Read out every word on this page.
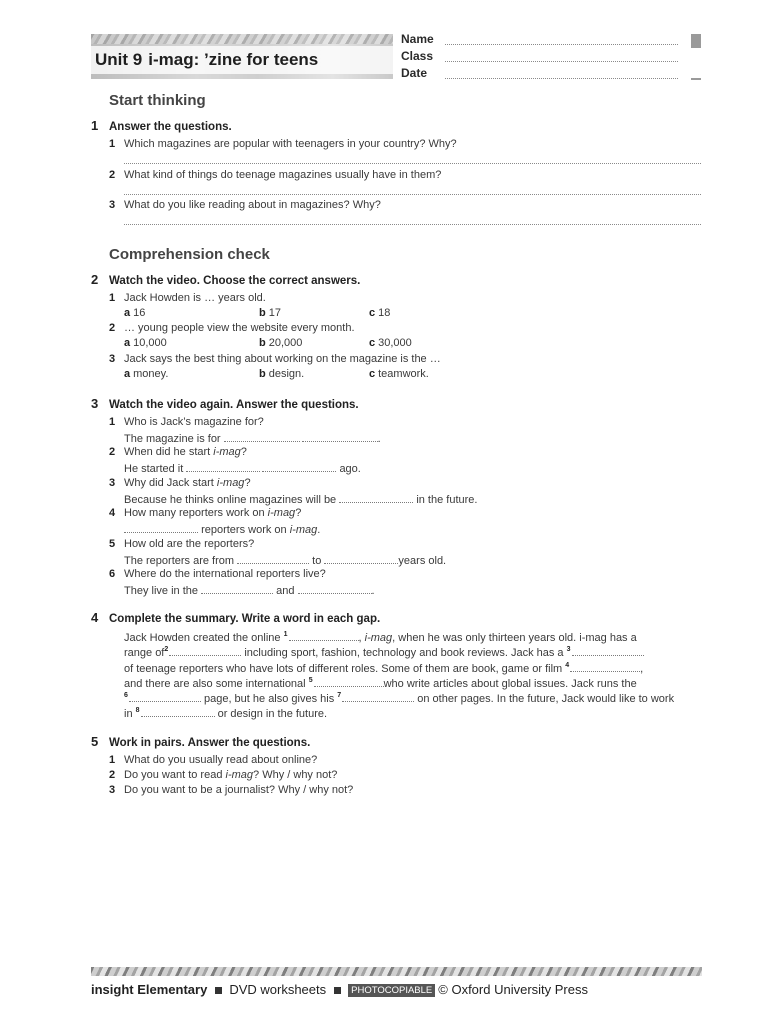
Unit 9 i-mag: ’zine for teens
Name
Class
Date
Start thinking
1 Answer the questions.
1 Which magazines are popular with teenagers in your country? Why?
2 What kind of things do teenage magazines usually have in them?
3 What do you like reading about in magazines? Why?
Comprehension check
2 Watch the video. Choose the correct answers.
1 Jack Howden is … years old.
a 16	b 17	c 18
2 … young people view the website every month.
a 10,000	b 20,000	c 30,000
3 Jack says the best thing about working on the magazine is the …
a money.	b design.	c teamwork.
3 Watch the video again. Answer the questions.
1 Who is Jack’s magazine for?
The magazine is for	.
2 When did he start i-mag?
He started it	ago.
3 Why did Jack start i-mag?
Because he thinks online magazines will be	in the future.
4 How many reporters work on i-mag?
reporters work on i-mag.
5 How old are the reporters?
The reporters are from	to	years old.
6 Where do the international reporters live?
They live in the	and	.
4 Complete the summary. Write a word in each gap.
Jack Howden created the online $^1$	, i-mag, when he was only thirteen years old. i-mag has a
range $of^2$	including sport, fashion, technology and book reviews. Jack has a $^3$
of teenage reporters who have lots of different roles. Some of them are book, game or film $^4$	,
and there are also some international $^5$	who write articles about global issues. Jack runs the
$^6$	page, but he also gives his $^7$	on other pages. In the future, Jack would like to work
in $^8$	or design in the future.
5 Work in pairs. Answer the questions.
1 What do you usually read about online?
2 Do you want to read i-mag? Why / why not?
3 Do you want to be a journalist? Why / why not?
insight Elementary DVD worksheets	PHOTOCOPIABLE © Oxford University Press
